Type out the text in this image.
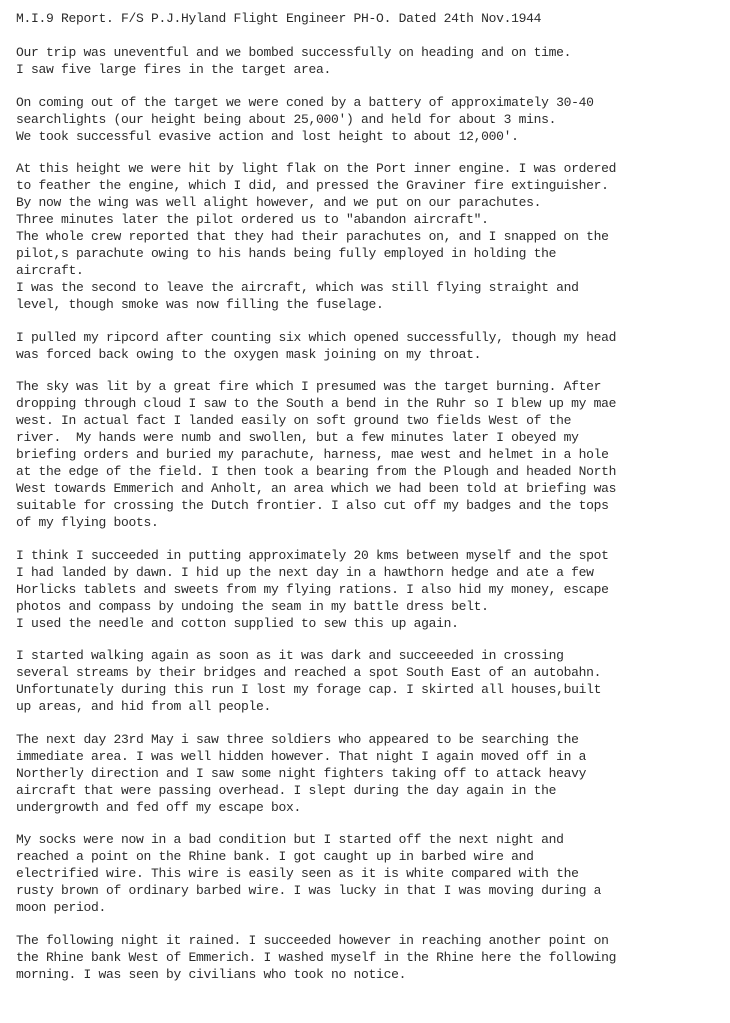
M.I.9 Report. F/S P.J.Hyland Flight Engineer PH-O. Dated 24th Nov.1944
Our trip was uneventful and we bombed successfully on heading and on time.
I saw five large fires in the target area.
On coming out of the target we were coned by a battery of approximately 30-40
searchlights (our height being about 25,000') and held for about 3 mins.
We took successful evasive action and lost height to about 12,000'.
At this height we were hit by light flak on the Port inner engine. I was ordered
to feather the engine, which I did, and pressed the Graviner fire extinguisher.
By now the wing was well alight however, and we put on our parachutes.
Three minutes later the pilot ordered us to "abandon aircraft".
The whole crew reported that they had their parachutes on, and I snapped on the
pilot,s parachute owing to his hands being fully employed in holding the
aircraft.
I was the second to leave the aircraft, which was still flying straight and
level, though smoke was now filling the fuselage.
I pulled my ripcord after counting six which opened successfully, though my head
was forced back owing to the oxygen mask joining on my throat.
The sky was lit by a great fire which I presumed was the target burning. After
dropping through cloud I saw to the South a bend in the Ruhr so I blew up my mae
west. In actual fact I landed easily on soft ground two fields West of the
river.  My hands were numb and swollen, but a few minutes later I obeyed my
briefing orders and buried my parachute, harness, mae west and helmet in a hole
at the edge of the field. I then took a bearing from the Plough and headed North
West towards Emmerich and Anholt, an area which we had been told at briefing was
suitable for crossing the Dutch frontier. I also cut off my badges and the tops
of my flying boots.
I think I succeeded in putting approximately 20 kms between myself and the spot
I had landed by dawn. I hid up the next day in a hawthorn hedge and ate a few
Horlicks tablets and sweets from my flying rations. I also hid my money, escape
photos and compass by undoing the seam in my battle dress belt.
I used the needle and cotton supplied to sew this up again.
I started walking again as soon as it was dark and succeeeded in crossing
several streams by their bridges and reached a spot South East of an autobahn.
Unfortunately during this run I lost my forage cap. I skirted all houses,built
up areas, and hid from all people.
The next day 23rd May i saw three soldiers who appeared to be searching the
immediate area. I was well hidden however. That night I again moved off in a
Northerly direction and I saw some night fighters taking off to attack heavy
aircraft that were passing overhead. I slept during the day again in the
undergrowth and fed off my escape box.
My socks were now in a bad condition but I started off the next night and
reached a point on the Rhine bank. I got caught up in barbed wire and
electrified wire. This wire is easily seen as it is white compared with the
rusty brown of ordinary barbed wire. I was lucky in that I was moving during a
moon period.
The following night it rained. I succeeded however in reaching another point on
the Rhine bank West of Emmerich. I washed myself in the Rhine here the following
morning. I was seen by civilians who took no notice.
